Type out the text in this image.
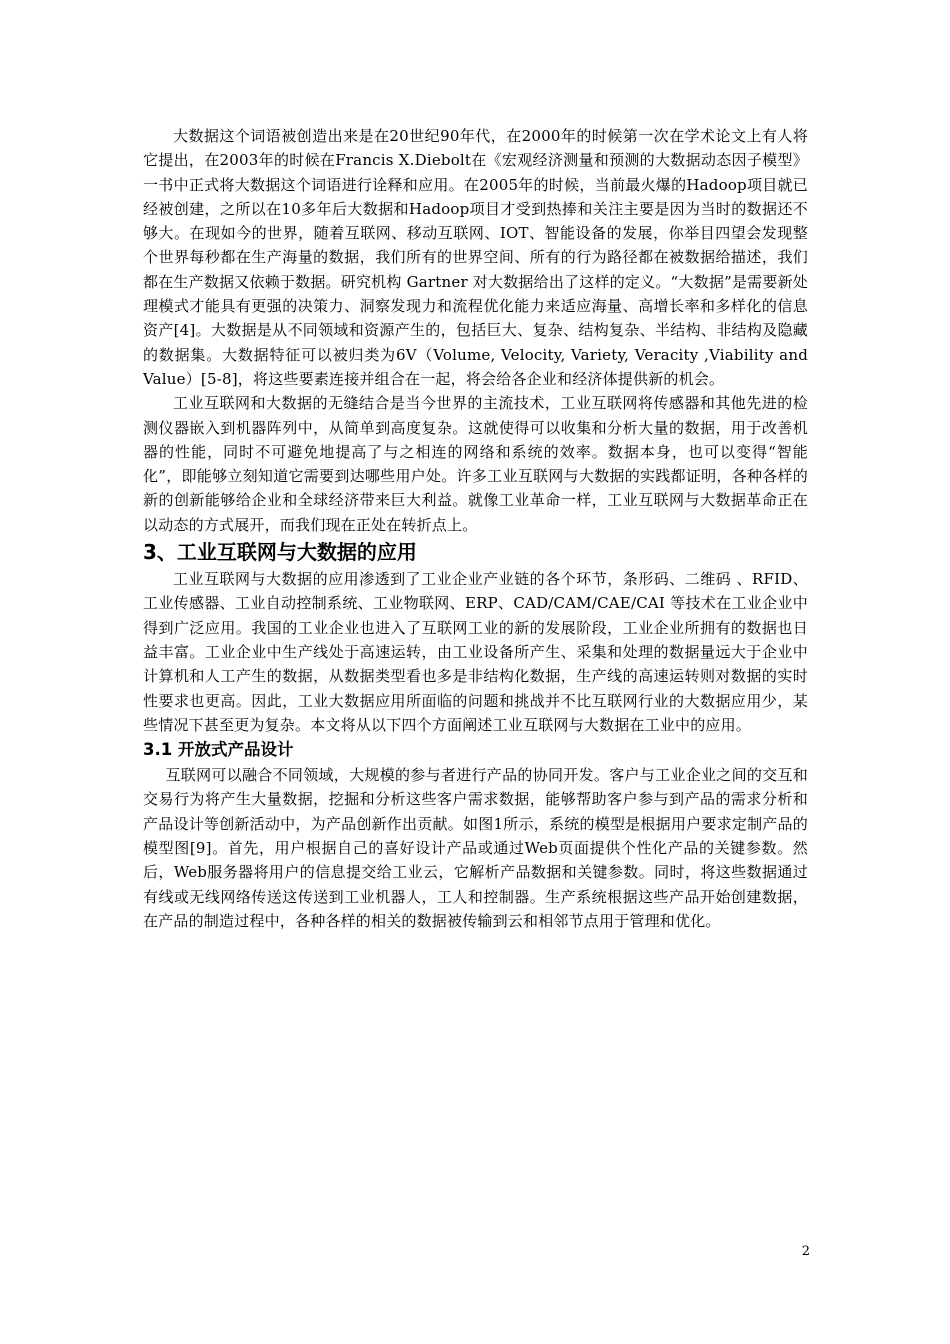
大数据这个词语被创造出来是在20世纪90年代，在2000年的时候第一次在学术论文上有人将它提出，在2003年的时候在Francis X.Diebolt在《宏观经济测量和预测的大数据动态因子模型》一书中正式将大数据这个词语进行诠释和应用。在2005年的时候，当前最火爆的Hadoop项目就已经被创建，之所以在10多年后大数据和Hadoop项目才受到热捧和关注主要是因为当时的数据还不够大。在现如今的世界，随着互联网、移动互联网、IOT、智能设备的发展，你举目四望会发现整个世界每秒都在生产海量的数据，我们所有的世界空间、所有的行为路径都在被数据给描述，我们都在生产数据又依赖于数据。研究机构 Gartner 对大数据给出了这样的定义。“大数据”是需要新处理模式才能具有更强的决策力、洞察发现力和流程优化能力来适应海量、高增长率和多样化的信息资产[4]。大数据是从不同领域和资源产生的，包括巨大、复杂、结构复杂、半结构、非结构及隐藏的数据集。大数据特征可以被归类为6V（Volume, Velocity, Variety, Veracity ,Viability and Value）[5-8]，将这些要素连接并组合在一起，将会给各企业和经济体提供新的机会。

工业互联网和大数据的无缝结合是当今世界的主流技术，工业互联网将传感器和其他先进的检测仪器嵌入到机器阵列中，从简单到高度复杂。这就使得可以收集和分析大量的数据，用于改善机器的性能，同时不可避免地提高了与之相连的网络和系统的效率。数据本身，也可以变得“智能化”，即能够立刻知道它需要到达哪些用户处。许多工业互联网与大数据的实践都证明，各种各样的新的创新能够给企业和全球经济带来巨大利益。就像工业革命一样，工业互联网与大数据革命正在以动态的方式展开，而我们现在正处在转折点上。

3、工业互联网与大数据的应用

工业互联网与大数据的应用渗透到了工业企业产业链的各个环节，条形码、二维码 、RFID、工业传感器、工业自动控制系统、工业物联网、ERP、CAD/CAM/CAE/CAI 等技术在工业企业中得到广泛应用。我国的工业企业也进入了互联网工业的新的发展阶段，工业企业所拥有的数据也日益丰富。工业企业中生产线处于高速运转，由工业设备所产生、采集和处理的数据量远大于企业中计算机和人工产生的数据，从数据类型看也多是非结构化数据，生产线的高速运转则对数据的实时性要求也更高。因此，工业大数据应用所面临的问题和挑战并不比互联网行业的大数据应用少，某些情况下甚至更为复杂。本文将从以下四个方面阐述工业互联网与大数据在工业中的应用。

3.1 开放式产品设计

互联网可以融合不同领域，大规模的参与者进行产品的协同开发。客户与工业企业之间的交互和交易行为将产生大量数据，挖掘和分析这些客户需求数据，能够帮助客户参与到产品的需求分析和产品设计等创新活动中，为产品创新作出贡献。如图1所示，系统的模型是根据用户要求定制产品的模型图[9]。首先，用户根据自己的喜好设计产品或通过Web页面提供个性化产品的关键参数。然后，Web服务器将用户的信息提交给工业云，它解析产品数据和关键参数。同时，将这些数据通过有线或无线网络传送这传送到工业机器人，工人和控制器。生产系统根据这些产品开始创建数据，在产品的制造过程中，各种各样的相关的数据被传输到云和相邻节点用于管理和优化。

2
